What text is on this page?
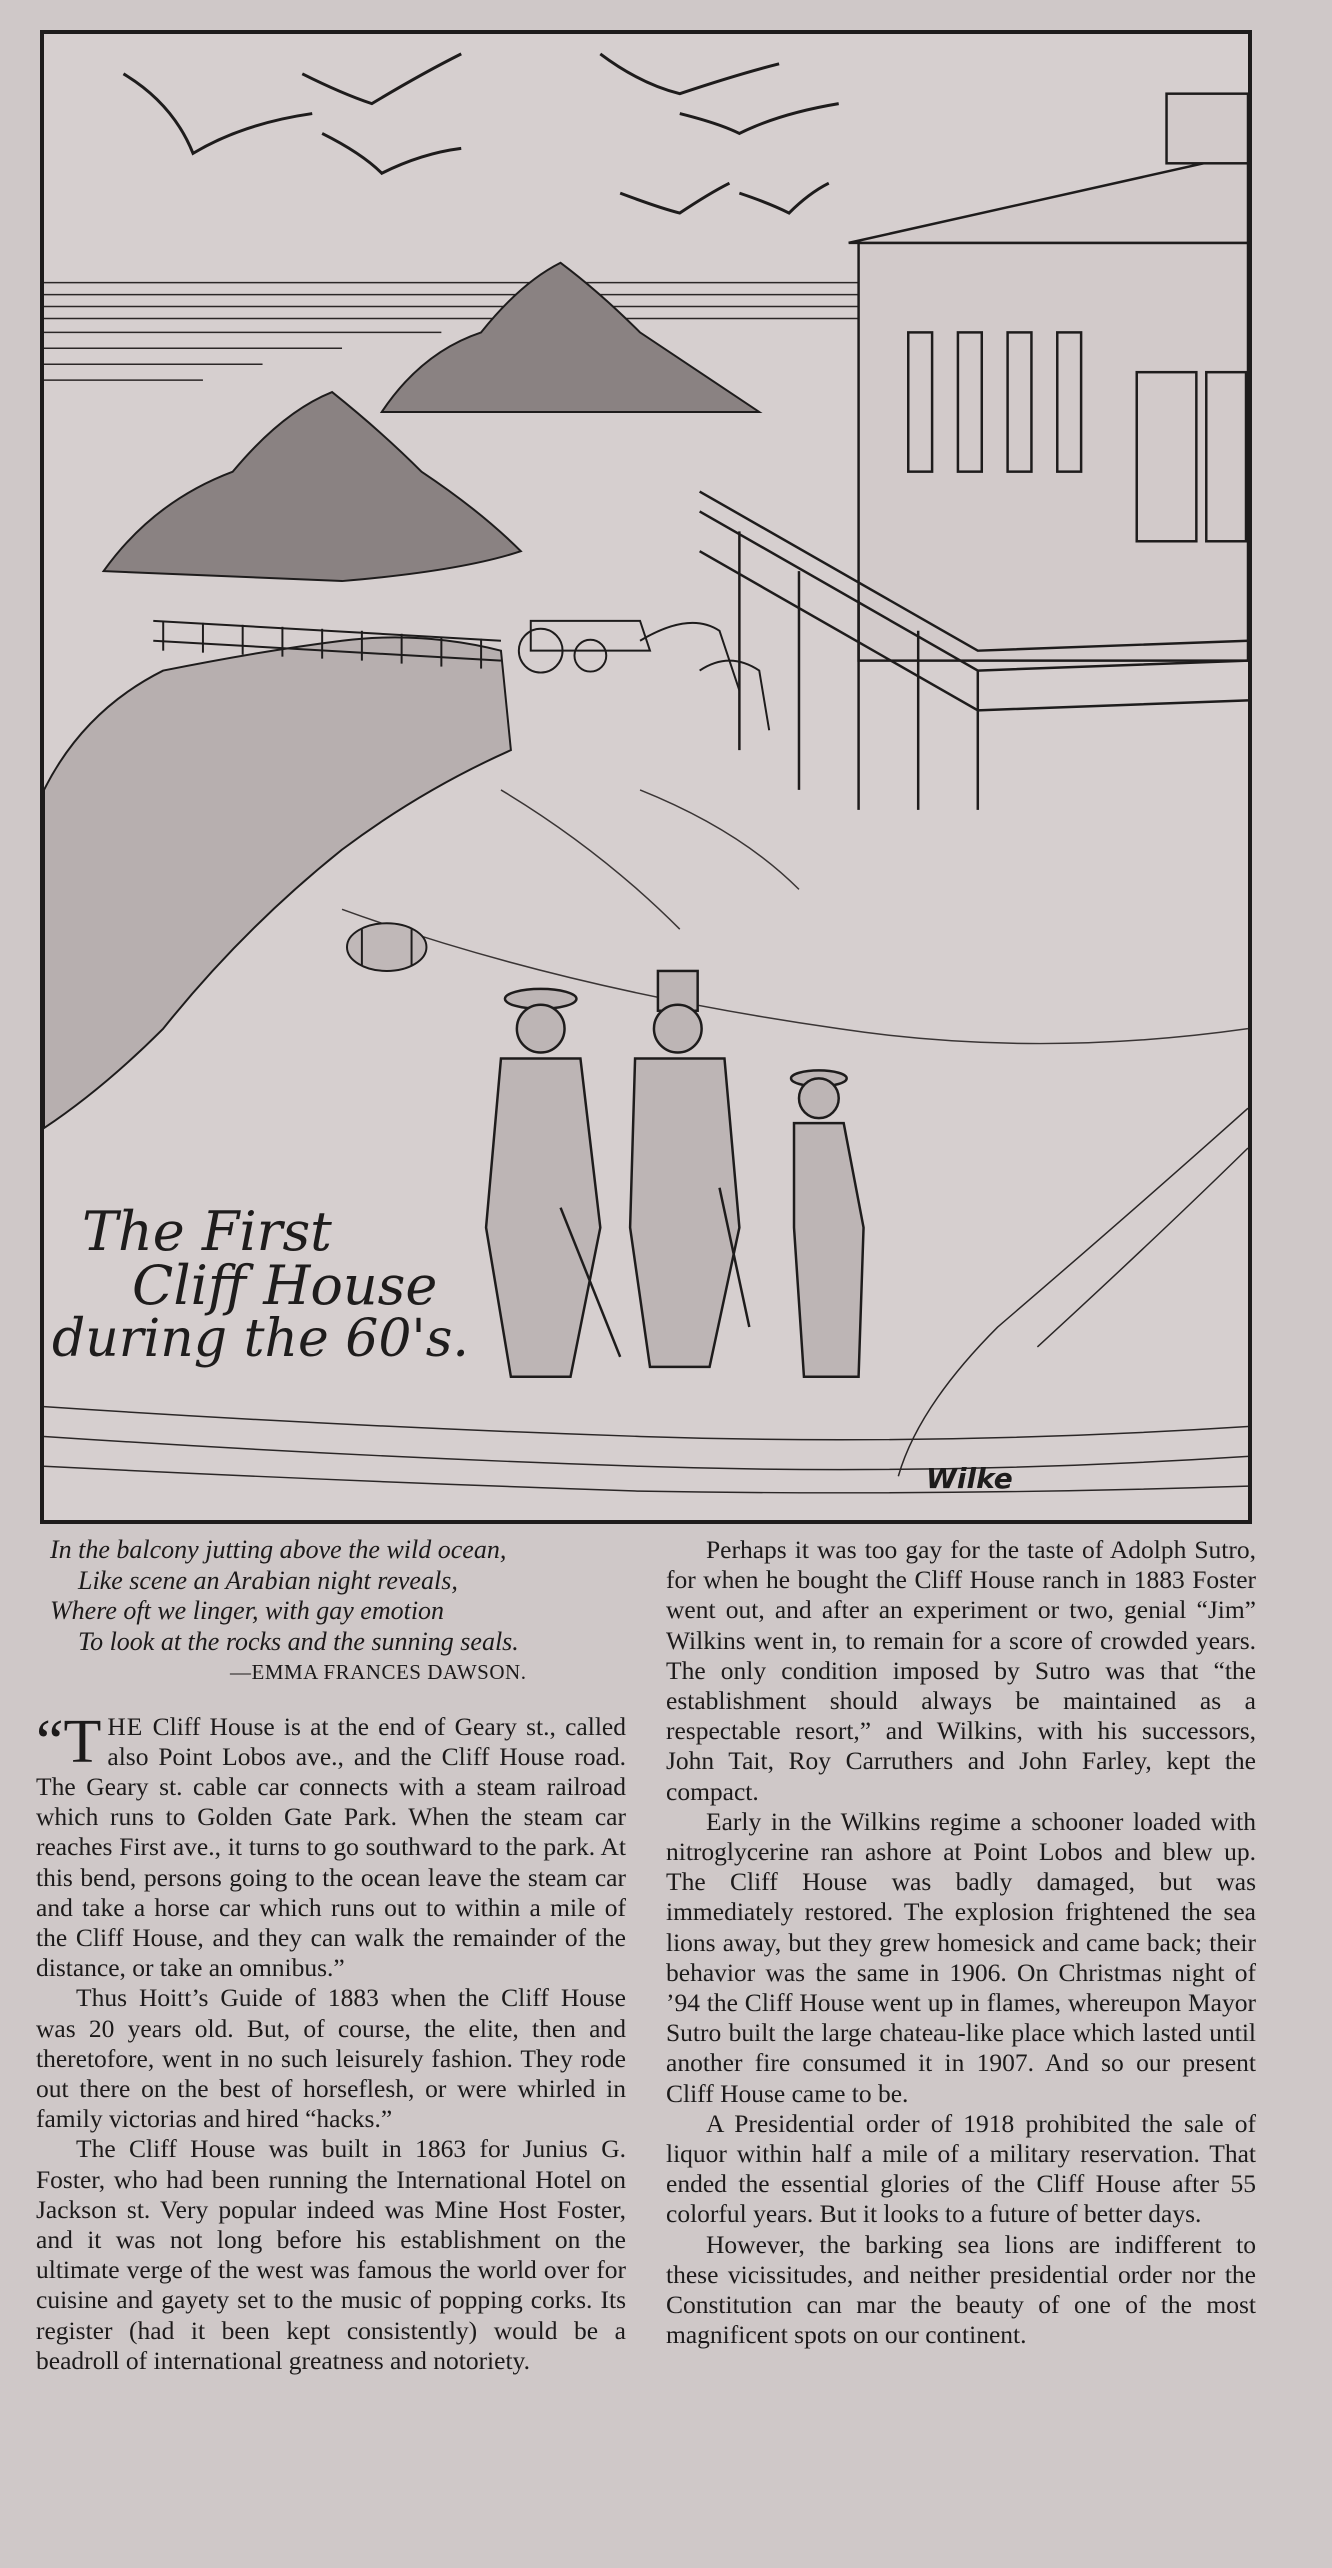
The First
Cliff House
during the 60's.
Wilke
In the balcony jutting above the wild ocean,
Like scene an Arabian night reveals,
Where oft we linger, with gay emotion
To look at the rocks and the sunning seals.
—EMMA FRANCES DAWSON.

“THE Cliff House is at the end of Geary st., called also Point Lobos ave., and the Cliff House road. The Geary st. cable car connects with a steam railroad which runs to Golden Gate Park. When the steam car reaches First ave., it turns to go southward to the park. At this bend, persons going to the ocean leave the steam car and take a horse car which runs out to within a mile of the Cliff House, and they can walk the remainder of the distance, or take an omnibus.”

Thus Hoitt’s Guide of 1883 when the Cliff House was 20 years old. But, of course, the elite, then and theretofore, went in no such leisurely fashion. They rode out there on the best of horseflesh, or were whirled in family victorias and hired “hacks.”

The Cliff House was built in 1863 for Junius G. Foster, who had been running the International Hotel on Jackson st. Very popular indeed was Mine Host Foster, and it was not long before his establishment on the ultimate verge of the west was famous the world over for cuisine and gayety set to the music of popping corks. Its register (had it been kept consistently) would be a beadroll of international greatness and notoriety.

Perhaps it was too gay for the taste of Adolph Sutro, for when he bought the Cliff House ranch in 1883 Foster went out, and after an experiment or two, genial “Jim” Wilkins went in, to remain for a score of crowded years. The only condition imposed by Sutro was that “the establishment should always be maintained as a respectable resort,” and Wilkins, with his successors, John Tait, Roy Carruthers and John Farley, kept the compact.

Early in the Wilkins regime a schooner loaded with nitroglycerine ran ashore at Point Lobos and blew up. The Cliff House was badly damaged, but was immediately restored. The explosion frightened the sea lions away, but they grew homesick and came back; their behavior was the same in 1906. On Christmas night of ’94 the Cliff House went up in flames, whereupon Mayor Sutro built the large chateau-like place which lasted until another fire consumed it in 1907. And so our present Cliff House came to be.

A Presidential order of 1918 prohibited the sale of liquor within half a mile of a military reservation. That ended the essential glories of the Cliff House after 55 colorful years. But it looks to a future of better days.

However, the barking sea lions are indifferent to these vicissitudes, and neither presidential order nor the Constitution can mar the beauty of one of the most magnificent spots on our continent.
